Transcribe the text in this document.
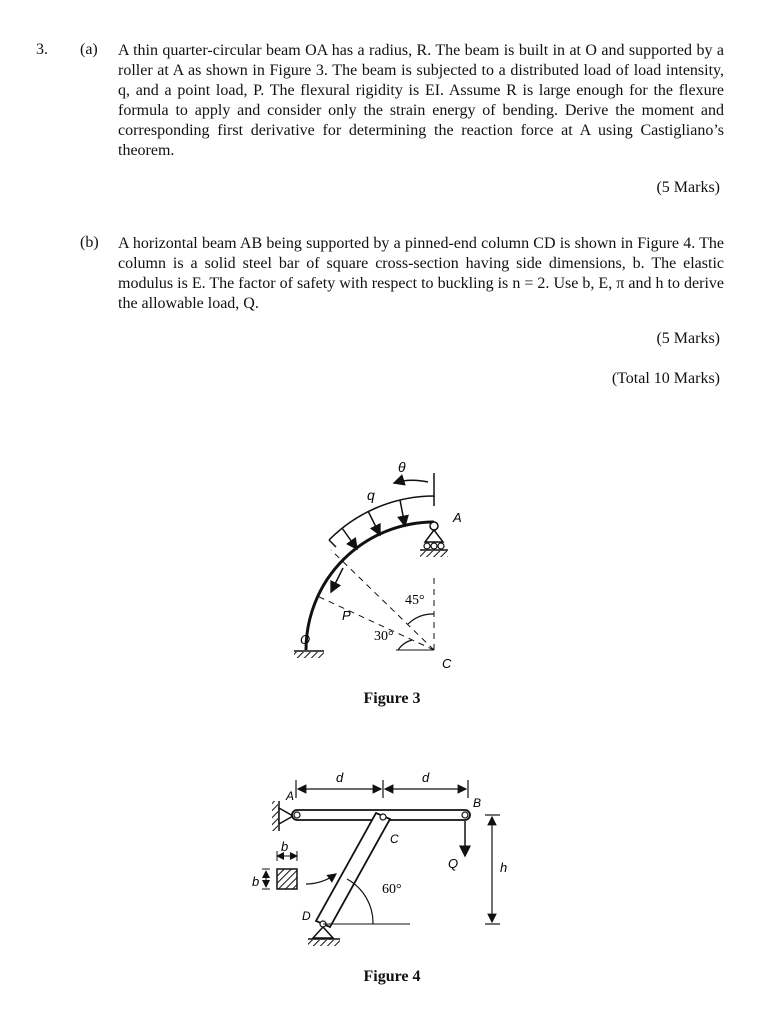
3. (a) A thin quarter-circular beam OA has a radius, R. The beam is built in at O and supported by a roller at A as shown in Figure 3. The beam is subjected to a distributed load of load intensity, q, and a point load, P. The flexural rigidity is EI. Assume R is large enough for the flexure formula to apply and consider only the strain energy of bending. Derive the moment and corresponding first derivative for determining the reaction force at A using Castigliano’s theorem.
(5 Marks)
(b) A horizontal beam AB being supported by a pinned-end column CD is shown in Figure 4. The column is a solid steel bar of square cross-section having side dimensions, b. The elastic modulus is E. The factor of safety with respect to buckling is n = 2. Use b, E, π and h to derive the allowable load, Q.
(5 Marks)
(Total 10 Marks)
θ
q
A
45°
P
30°
O
C
Figure 3
d	d
A	B
C
b
b
Q	h
60°
D
Figure 4
